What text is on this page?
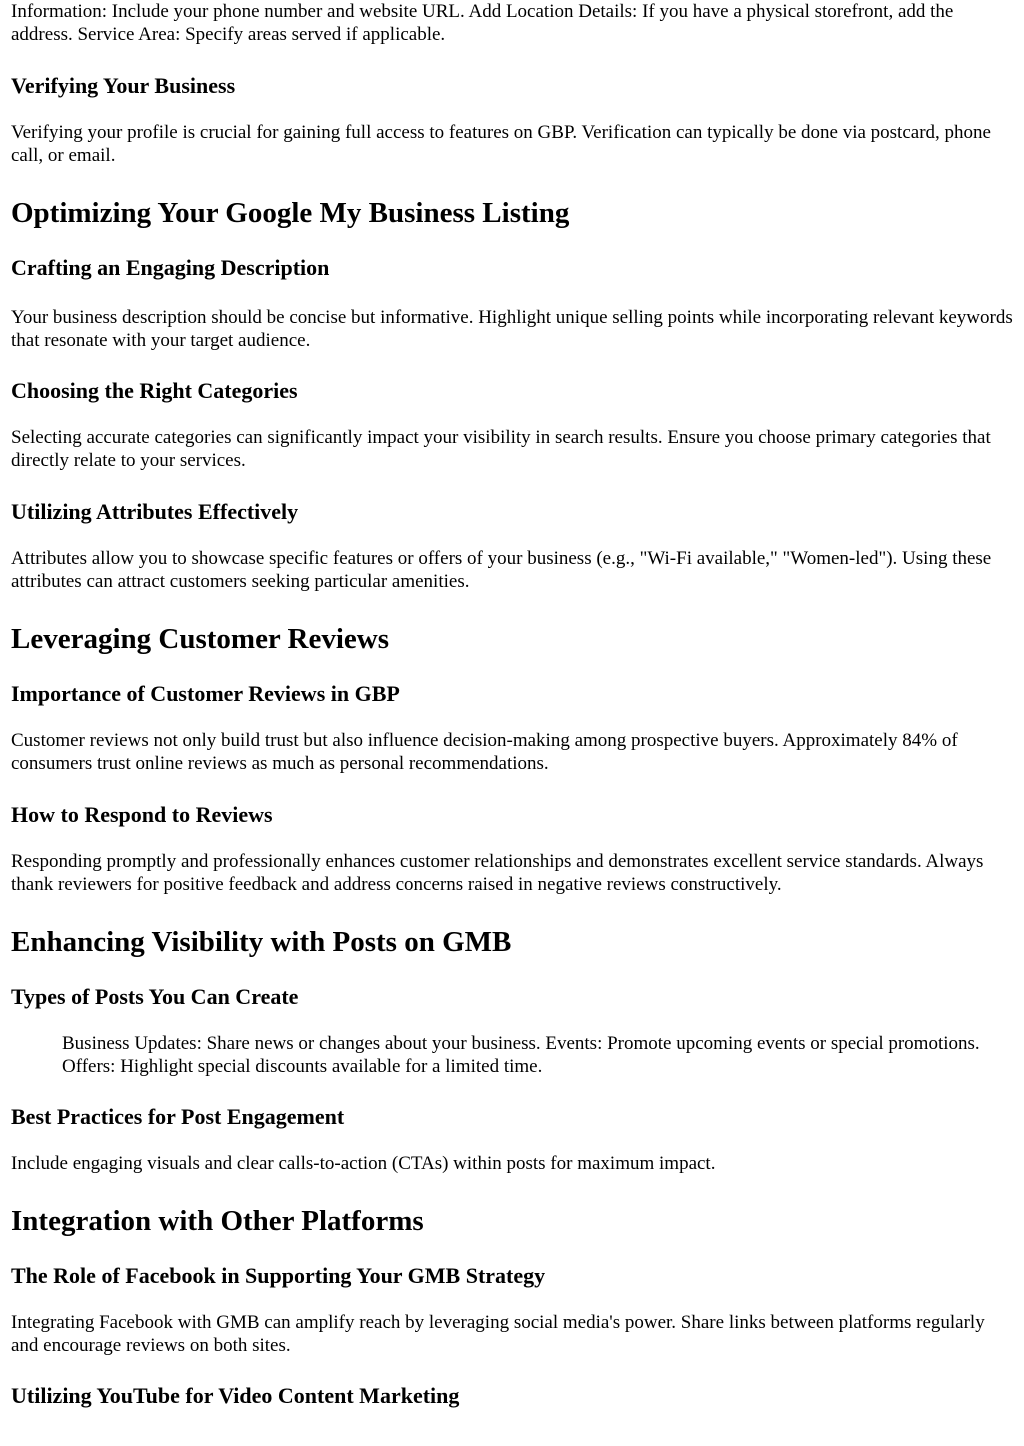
Information: Include your phone number and website URL. Add Location Details: If you have a physical storefront, add the address. Service Area: Specify areas served if applicable.

Verifying Your Business

Verifying your profile is crucial for gaining full access to features on GBP. Verification can typically be done via postcard, phone call, or email.

Optimizing Your Google My Business Listing
Crafting an Engaging Description

Your business description should be concise but informative. Highlight unique selling points while incorporating relevant keywords that resonate with your target audience.

Choosing the Right Categories

Selecting accurate categories can significantly impact your visibility in search results. Ensure you choose primary categories that directly relate to your services.

Utilizing Attributes Effectively

Attributes allow you to showcase specific features or offers of your business (e.g., "Wi-Fi available," "Women-led"). Using these attributes can attract customers seeking particular amenities.

Leveraging Customer Reviews
Importance of Customer Reviews in GBP

Customer reviews not only build trust but also influence decision-making among prospective buyers. Approximately 84% of consumers trust online reviews as much as personal recommendations.

How to Respond to Reviews

Responding promptly and professionally enhances customer relationships and demonstrates excellent service standards. Always thank reviewers for positive feedback and address concerns raised in negative reviews constructively.

Enhancing Visibility with Posts on GMB
Types of Posts You Can Create
Business Updates: Share news or changes about your business. Events: Promote upcoming events or special promotions. Offers: Highlight special discounts available for a limited time.
Best Practices for Post Engagement

Include engaging visuals and clear calls-to-action (CTAs) within posts for maximum impact.

Integration with Other Platforms
The Role of Facebook in Supporting Your GMB Strategy

Integrating Facebook with GMB can amplify reach by leveraging social media's power. Share links between platforms regularly and encourage reviews on both sites.

Utilizing YouTube for Video Content Marketing
